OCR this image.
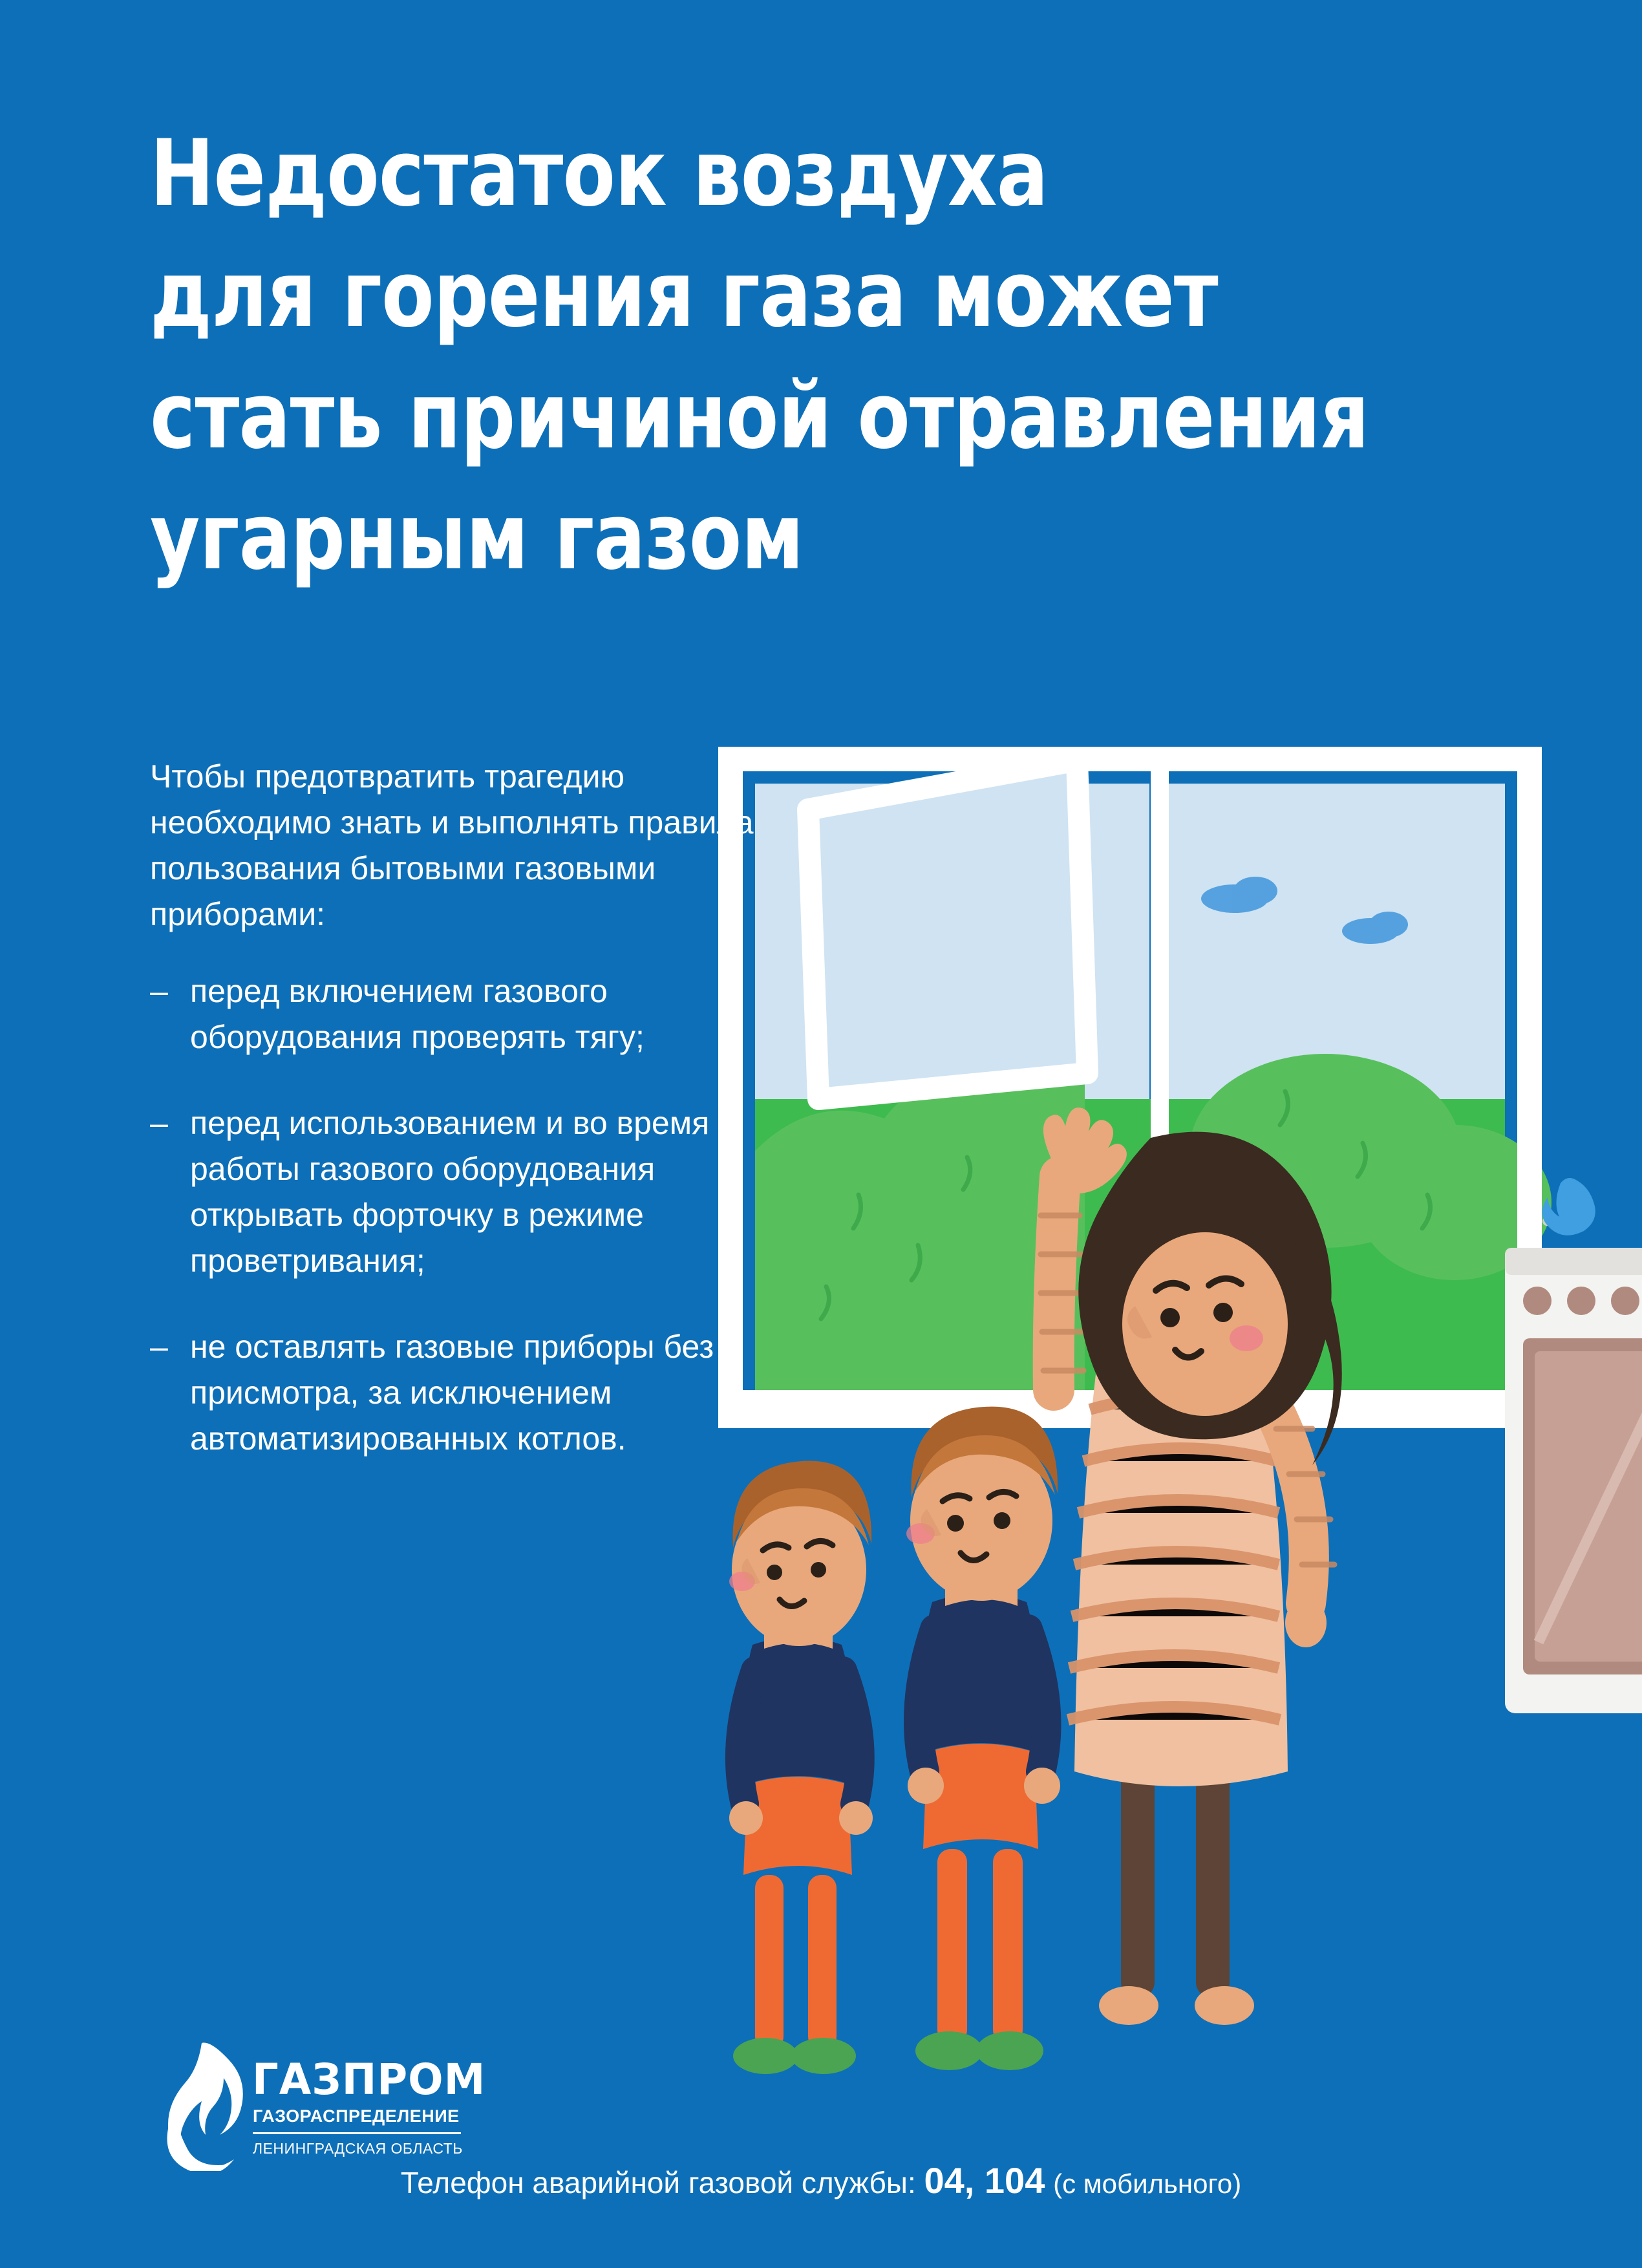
Недостаток воздуха
для горения газа может
стать причиной отравления
угарным газом
Чтобы предотвратить трагедию необходимо знать и выполнять правила пользования бытовыми газовыми приборами:
– перед включением газового оборудования проверять тягу;
– перед использованием и во время работы газового оборудования открывать форточку в режиме проветривания;
– не оставлять газовые приборы без присмотра, за исключением автоматизированных котлов.
ГАЗПРОМ
ГАЗОРАСПРЕДЕЛЕНИЕ
ЛЕНИНГРАДСКАЯ ОБЛАСТЬ
Телефон аварийной газовой службы: 04, 104 (с мобильного)
